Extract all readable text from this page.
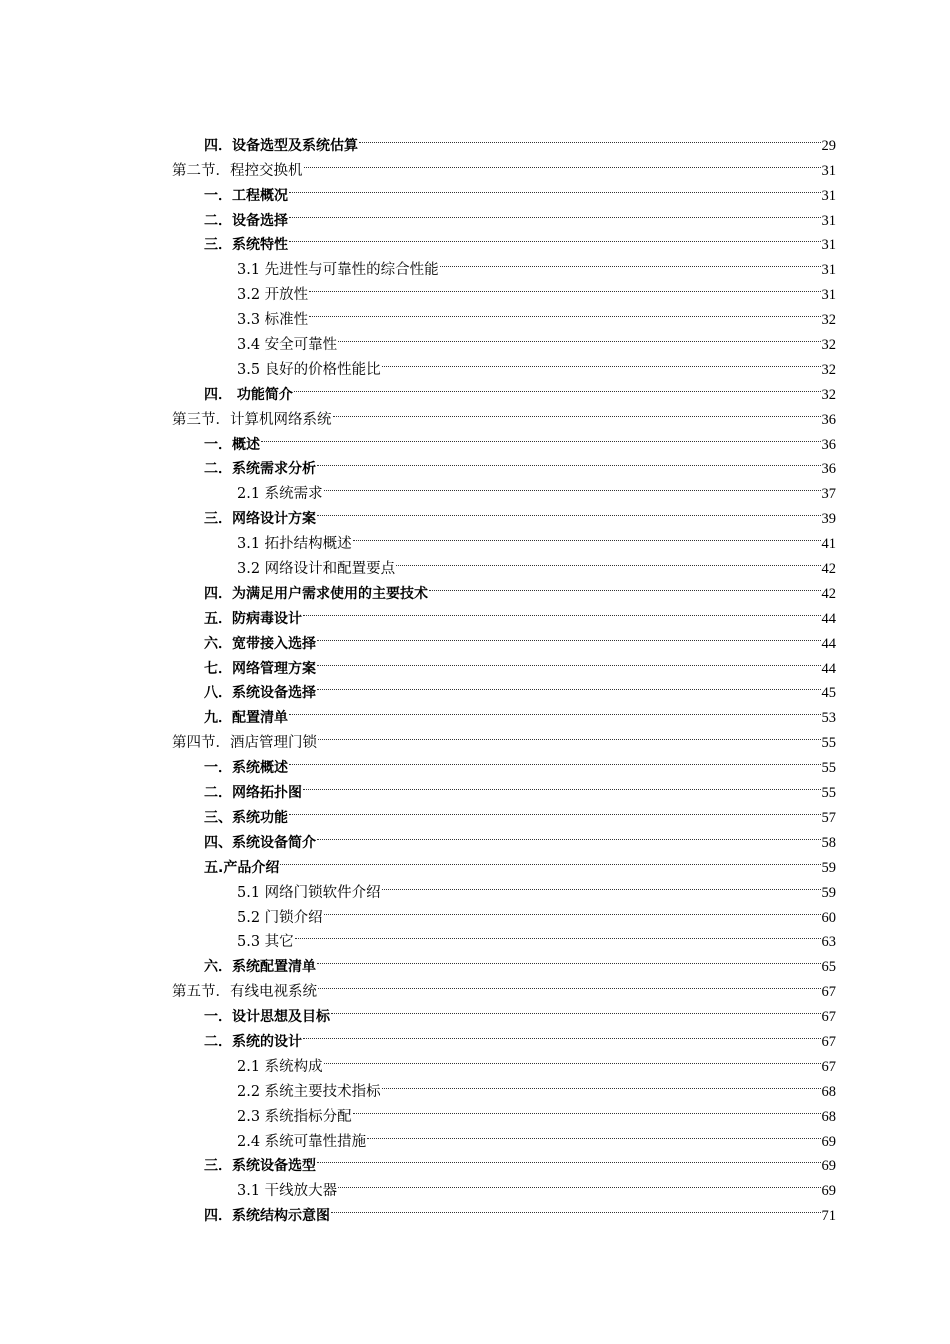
四．设备选型及系统估算	29
第二节．程控交换机	31
一．工程概况	31
二．设备选择	31
三．系统特性	31
3.1 先进性与可靠性的综合性能	31
3.2 开放性	31
3.3 标准性	32
3.4 安全可靠性	32
3.5 良好的价格性能比	32
四． 功能简介	32
第三节．计算机网络系统	36
一．概述	36
二．系统需求分析	36
2.1 系统需求	37
三．网络设计方案	39
3.1 拓扑结构概述	41
3.2 网络设计和配置要点	42
四．为满足用户需求使用的主要技术	42
五．防病毒设计	44
六．宽带接入选择	44
七．网络管理方案	44
八．系统设备选择	45
九．配置清单	53
第四节．酒店管理门锁	55
一．系统概述	55
二．网络拓扑图	55
三、系统功能	57
四、系统设备简介	58
五.产品介绍	59
5.1 网络门锁软件介绍	59
5.2 门锁介绍	60
5.3 其它	63
六．系统配置清单	65
第五节．有线电视系统	67
一．设计思想及目标	67
二．系统的设计	67
2.1 系统构成	67
2.2 系统主要技术指标	68
2.3 系统指标分配	68
2.4 系统可靠性措施	69
三．系统设备选型	69
3.1 干线放大器	69
四．系统结构示意图	71
